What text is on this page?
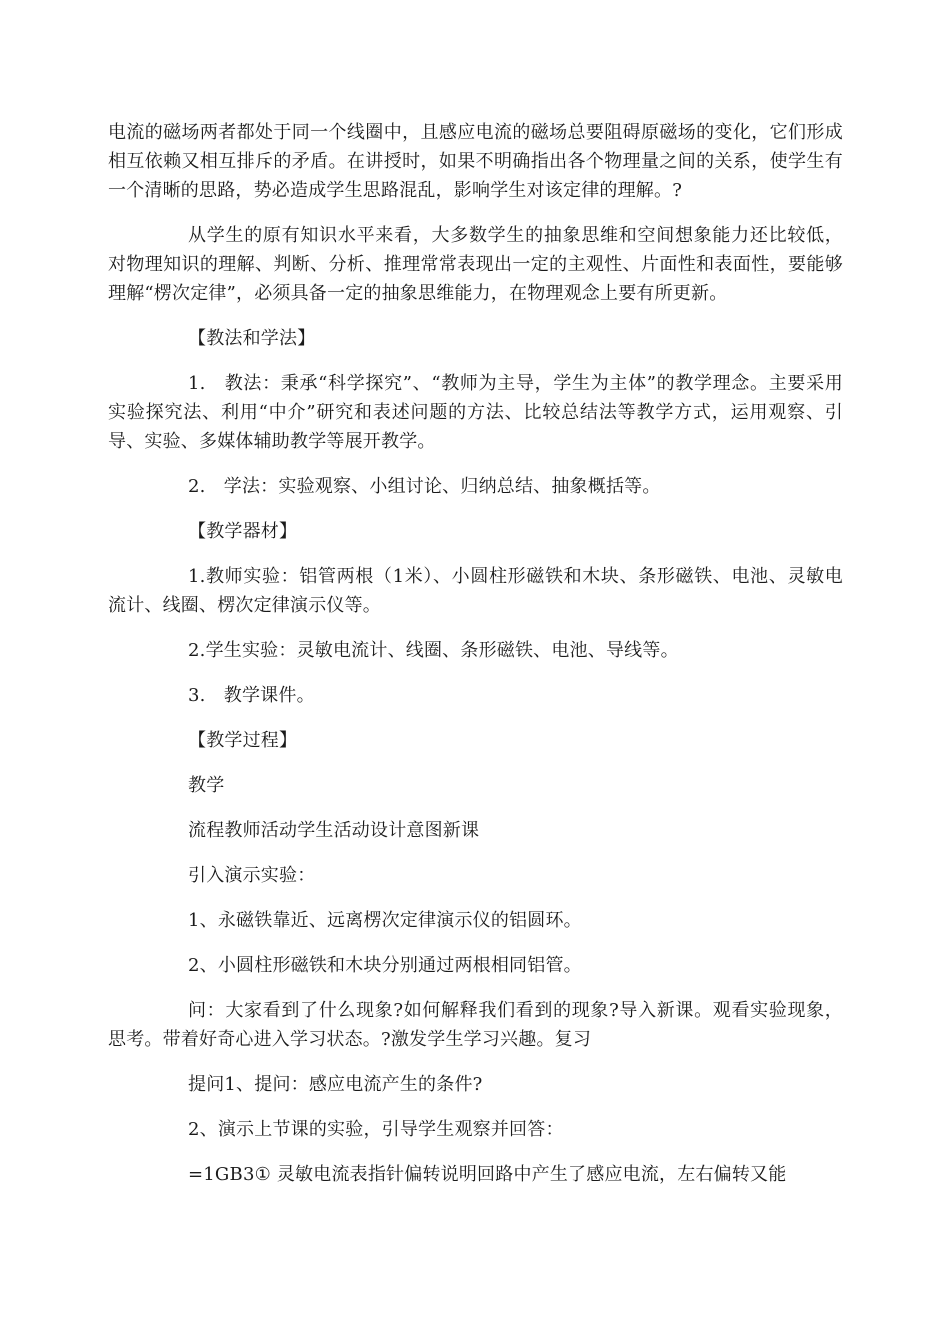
电流的磁场两者都处于同一个线圈中，且感应电流的磁场总要阻碍原磁场的变化，它们形成相互依赖又相互排斥的矛盾。在讲授时，如果不明确指出各个物理量之间的关系，使学生有一个清晰的思路，势必造成学生思路混乱，影响学生对该定律的理解。?

从学生的原有知识水平来看，大多数学生的抽象思维和空间想象能力还比较低，对物理知识的理解、判断、分析、推理常常表现出一定的主观性、片面性和表面性，要能够理解“楞次定律”，必须具备一定的抽象思维能力，在物理观念上要有所更新。

【教法和学法】

1.　教法：秉承“科学探究”、“教师为主导，学生为主体”的教学理念。主要采用实验探究法、利用“中介”研究和表述问题的方法、比较总结法等教学方式，运用观察、引导、实验、多媒体辅助教学等展开教学。

2.　学法：实验观察、小组讨论、归纳总结、抽象概括等。

【教学器材】

1.教师实验：铝管两根（1米）、小圆柱形磁铁和木块、条形磁铁、电池、灵敏电流计、线圈、楞次定律演示仪等。

2.学生实验：灵敏电流计、线圈、条形磁铁、电池、导线等。

3.　教学课件。

【教学过程】

教学

流程教师活动学生活动设计意图新课

引入演示实验：

1、永磁铁靠近、远离楞次定律演示仪的铝圆环。

2、小圆柱形磁铁和木块分别通过两根相同铝管。

问：大家看到了什么现象?如何解释我们看到的现象?导入新课。观看实验现象，思考。带着好奇心进入学习状态。?激发学生学习兴趣。复习

提问1、提问：感应电流产生的条件?

2、演示上节课的实验，引导学生观察并回答：

=1GB3① 灵敏电流表指针偏转说明回路中产生了感应电流，左右偏转又能
